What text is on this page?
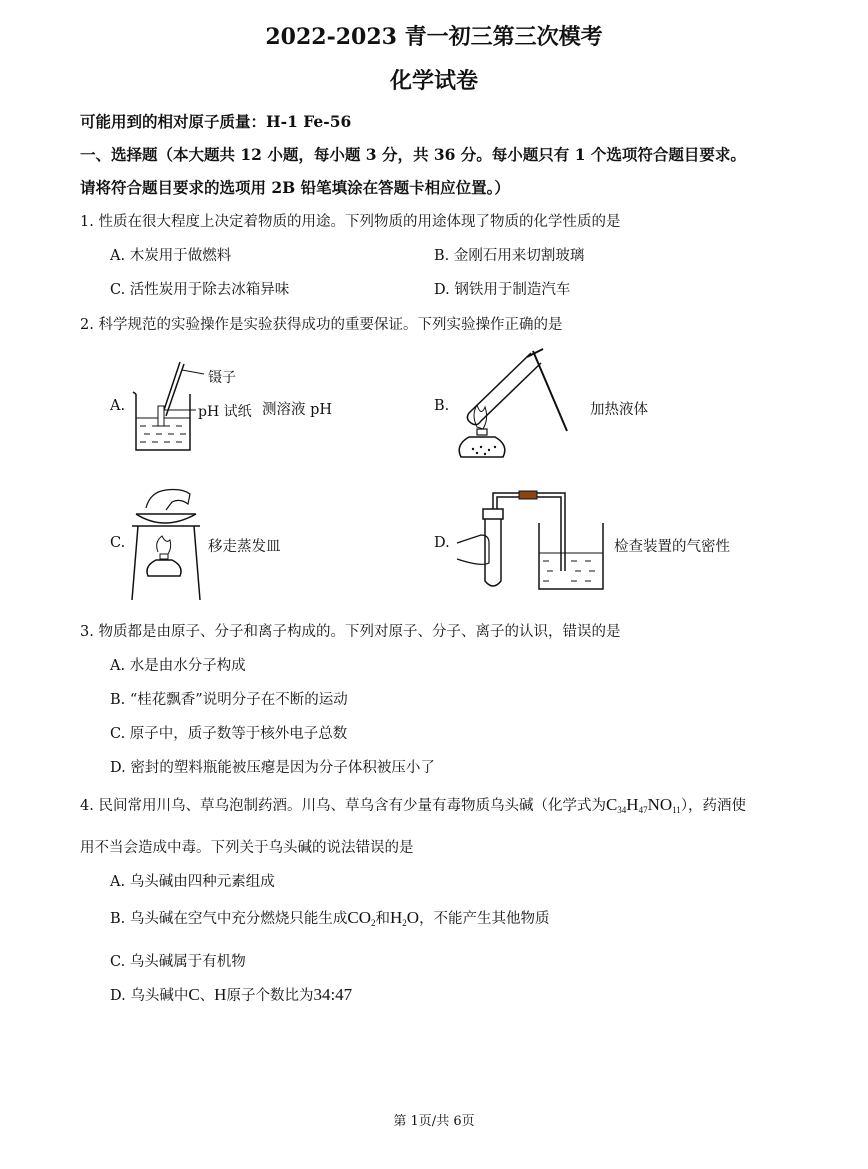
2022-2023 青一初三第三次模考
化学试卷
可能用到的相对原子质量：H-1 Fe-56
一、选择题（本大题共 12 小题，每小题 3 分，共 36 分。每小题只有 1 个选项符合题目要求。
请将符合题目要求的选项用 2B 铅笔填涂在答题卡相应位置。）
1. 性质在很大程度上决定着物质的用途。下列物质的用途体现了物质的化学性质的是
A. 木炭用于做燃料	B. 金刚石用来切割玻璃
C. 活性炭用于除去冰箱异味	D. 钢铁用于制造汽车
2. 科学规范的实验操作是实验获得成功的重要保证。下列实验操作正确的是
A.
镊子
pH 试纸 测溶液 pH	B.	加热液体
C.	移走蒸发皿	D.	检查装置的气密性
3. 物质都是由原子、分子和离子构成的。下列对原子、分子、离子的认识，错误的是
A. 水是由水分子构成
B. “桂花飘香”说明分子在不断的运动
C. 原子中，质子数等于核外电子总数
D. 密封的塑料瓶能被压瘪是因为分子体积被压小了
4. 民间常用川乌、草乌泡制药酒。川乌、草乌含有少量有毒物质乌头碱（化学式为$C_{34}H_{47}NO_{11}$），药酒使
用不当会造成中毒。下列关于乌头碱的说法错误的是
A. 乌头碱由四种元素组成
B. 乌头碱在空气中充分燃烧只能生成$CO_2$和$H_2O$，不能产生其他物质
C. 乌头碱属于有机物
D. 乌头碱中C、H原子个数比为34:47
第 1页/共 6页
